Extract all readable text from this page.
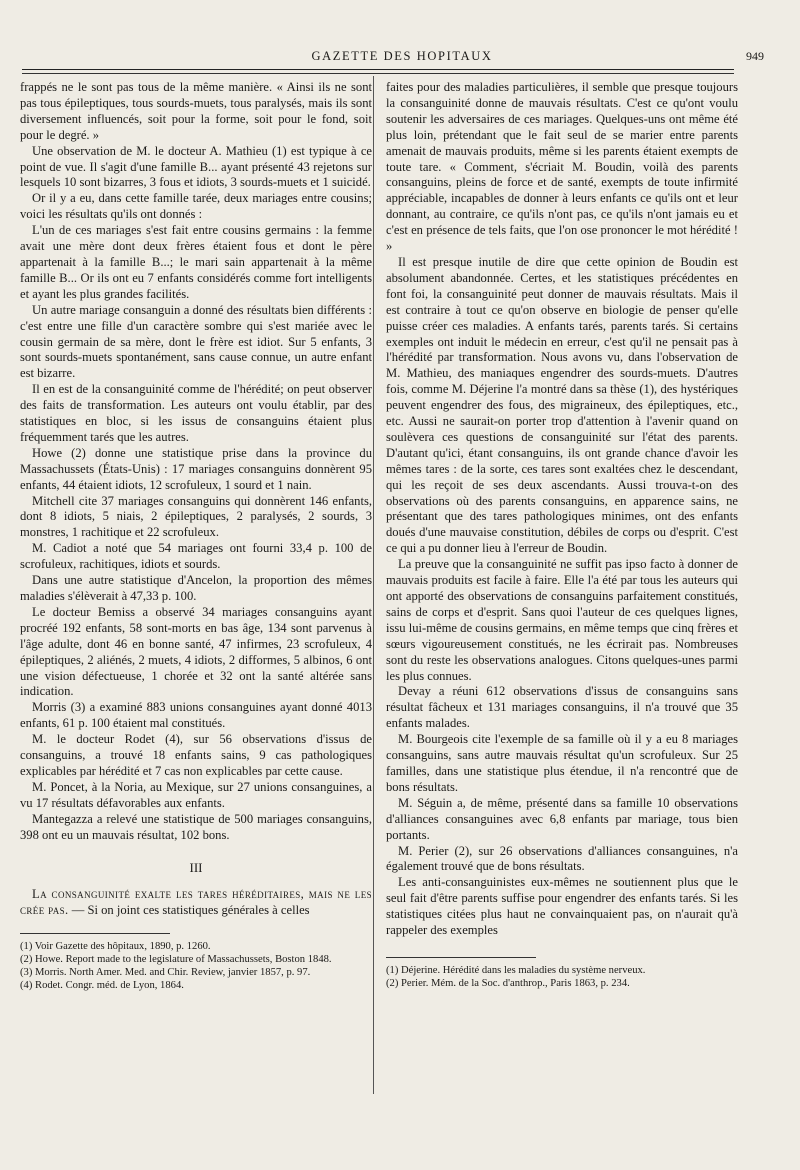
GAZETTE DES HOPITAUX	949

frappés ne le sont pas tous de la même manière. « Ainsi ils ne sont pas tous épileptiques, tous sourds-muets, tous paralysés, mais ils sont diversement influencés, soit pour la forme, soit pour le fond, soit pour le degré. »

Une observation de M. le docteur A. Mathieu (1) est typique à ce point de vue. Il s'agit d'une famille B... ayant présenté 43 rejetons sur lesquels 10 sont bizarres, 3 fous et idiots, 3 sourds-muets et 1 suicidé.

Or il y a eu, dans cette famille tarée, deux mariages entre cousins; voici les résultats qu'ils ont donnés :

L'un de ces mariages s'est fait entre cousins germains : la femme avait une mère dont deux frères étaient fous et dont le père appartenait à la famille B...; le mari sain appartenait à la même famille B... Or ils ont eu 7 enfants considérés comme fort intelligents et ayant les plus grandes facilités.

Un autre mariage consanguin a donné des résultats bien différents : c'est entre une fille d'un caractère sombre qui s'est mariée avec le cousin germain de sa mère, dont le frère est idiot. Sur 5 enfants, 3 sont sourds-muets spontanément, sans cause connue, un autre enfant est bizarre.

Il en est de la consanguinité comme de l'hérédité; on peut observer des faits de transformation. Les auteurs ont voulu établir, par des statistiques en bloc, si les issus de consanguins étaient plus fréquemment tarés que les autres.

Howe (2) donne une statistique prise dans la province du Massachussets (États-Unis) : 17 mariages consanguins donnèrent 95 enfants, 44 étaient idiots, 12 scrofuleux, 1 sourd et 1 nain.

Mitchell cite 37 mariages consanguins qui donnèrent 146 enfants, dont 8 idiots, 5 niais, 2 épileptiques, 2 paralysés, 2 sourds, 3 monstres, 1 rachitique et 22 scrofuleux.

M. Cadiot a noté que 54 mariages ont fourni 33,4 p. 100 de scrofuleux, rachitiques, idiots et sourds.

Dans une autre statistique d'Ancelon, la proportion des mêmes maladies s'élèverait à 47,33 p. 100.

Le docteur Bemiss a observé 34 mariages consanguins ayant procréé 192 enfants, 58 sont-morts en bas âge, 134 sont parvenus à l'âge adulte, dont 46 en bonne santé, 47 infirmes, 23 scrofuleux, 4 épileptiques, 2 aliénés, 2 muets, 4 idiots, 2 difformes, 5 albinos, 6 ont une vision défectueuse, 1 chorée et 32 ont la santé altérée sans indication.

Morris (3) a examiné 883 unions consanguines ayant donné 4013 enfants, 61 p. 100 étaient mal constitués.

M. le docteur Rodet (4), sur 56 observations d'issus de consanguins, a trouvé 18 enfants sains, 9 cas pathologiques explicables par hérédité et 7 cas non explicables par cette cause.

M. Poncet, à la Noria, au Mexique, sur 27 unions consanguines, a vu 17 résultats défavorables aux enfants.

Mantegazza a relevé une statistique de 500 mariages consanguins, 398 ont eu un mauvais résultat, 102 bons.

III

La consanguinité exalte les tares héréditaires, mais ne les crée pas. — Si on joint ces statistiques générales à celles

(1) Voir Gazette des hôpitaux, 1890, p. 1260.

(2) Howe. Report made to the legislature of Massachussets, Boston 1848.

(3) Morris. North Amer. Med. and Chir. Review, janvier 1857, p. 97.

(4) Rodet. Congr. méd. de Lyon, 1864.

faites pour des maladies particulières, il semble que presque toujours la consanguinité donne de mauvais résultats. C'est ce qu'ont voulu soutenir les adversaires de ces mariages. Quelques-uns ont même été plus loin, prétendant que le fait seul de se marier entre parents amenait de mauvais produits, même si les parents étaient exempts de toute tare. « Comment, s'écriait M. Boudin, voilà des parents consanguins, pleins de force et de santé, exempts de toute infirmité appréciable, incapables de donner à leurs enfants ce qu'ils ont et leur donnant, au contraire, ce qu'ils n'ont pas, ce qu'ils n'ont jamais eu et c'est en présence de tels faits, que l'on ose prononcer le mot hérédité ! »

Il est presque inutile de dire que cette opinion de Boudin est absolument abandonnée. Certes, et les statistiques précédentes en font foi, la consanguinité peut donner de mauvais résultats. Mais il est contraire à tout ce qu'on observe en biologie de penser qu'elle puisse créer ces maladies. A enfants tarés, parents tarés. Si certains exemples ont induit le médecin en erreur, c'est qu'il ne pensait pas à l'hérédité par transformation. Nous avons vu, dans l'observation de M. Mathieu, des maniaques engendrer des sourds-muets. D'autres fois, comme M. Déjerine l'a montré dans sa thèse (1), des hystériques peuvent engendrer des fous, des migraineux, des épileptiques, etc., etc. Aussi ne saurait-on porter trop d'attention à l'avenir quand on soulèvera ces questions de consanguinité sur l'état des parents. D'autant qu'ici, étant consanguins, ils ont grande chance d'avoir les mêmes tares : de la sorte, ces tares sont exaltées chez le descendant, qui les reçoit de ses deux ascendants. Aussi trouva-t-on des observations où des parents consanguins, en apparence sains, ne présentant que des tares pathologiques minimes, ont des enfants doués d'une mauvaise constitution, débiles de corps ou d'esprit. C'est ce qui a pu donner lieu à l'erreur de Boudin.

La preuve que la consanguinité ne suffit pas ipso facto à donner de mauvais produits est facile à faire. Elle l'a été par tous les auteurs qui ont apporté des observations de consanguins parfaitement constitués, sains de corps et d'esprit. Sans quoi l'auteur de ces quelques lignes, issu lui-même de cousins germains, en même temps que cinq frères et sœurs vigoureusement constitués, ne les écrirait pas. Nombreuses sont du reste les observations analogues. Citons quelques-unes parmi les plus connues.

Devay a réuni 612 observations d'issus de consanguins sans résultat fâcheux et 131 mariages consanguins, il n'a trouvé que 35 enfants malades.

M. Bourgeois cite l'exemple de sa famille où il y a eu 8 mariages consanguins, sans autre mauvais résultat qu'un scrofuleux. Sur 25 familles, dans une statistique plus étendue, il n'a rencontré que de bons résultats.

M. Séguin a, de même, présenté dans sa famille 10 observations d'alliances consanguines avec 6,8 enfants par mariage, tous bien portants.

M. Perier (2), sur 26 observations d'alliances consanguines, n'a également trouvé que de bons résultats.

Les anti-consanguinistes eux-mêmes ne soutiennent plus que le seul fait d'être parents suffise pour engendrer des enfants tarés. Si les statistiques citées plus haut ne convainquaient pas, on n'aurait qu'à rappeler des exemples

(1) Déjerine. Hérédité dans les maladies du système nerveux.

(2) Perier. Mém. de la Soc. d'anthrop., Paris 1863, p. 234.
